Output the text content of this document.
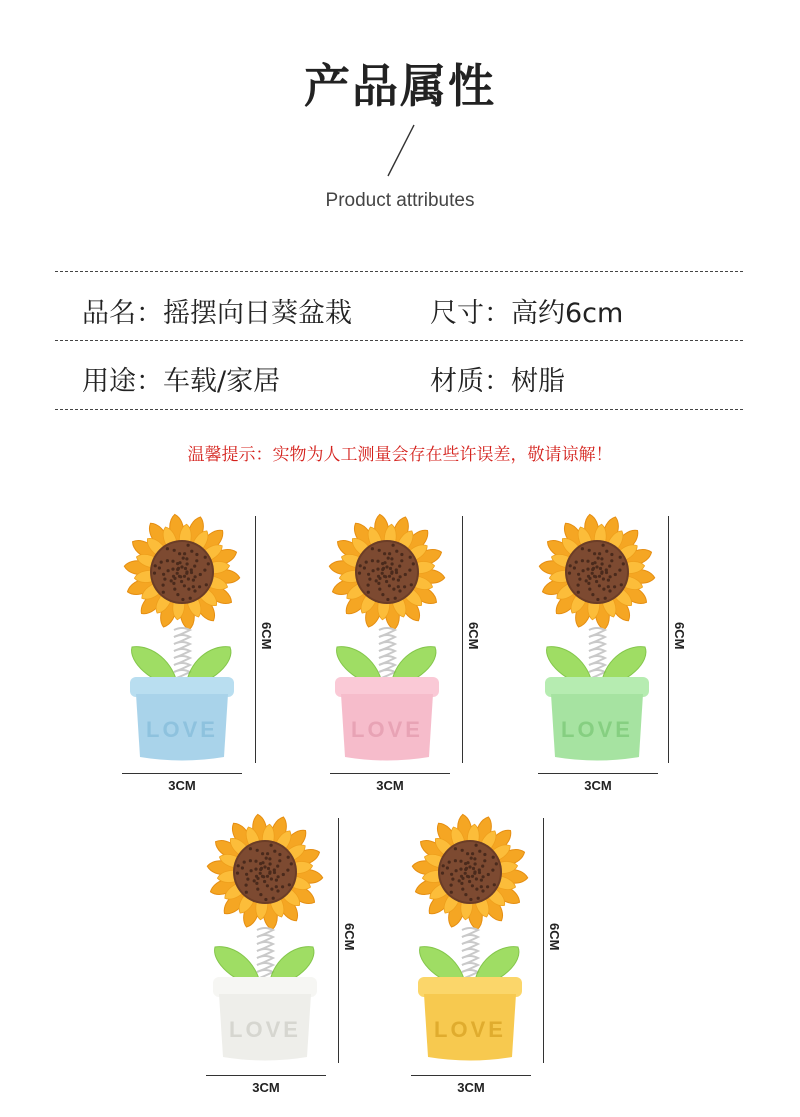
产品属性
Product attributes
品名：摇摆向日葵盆栽	尺寸：高约6cm
用途：车载/家居	材质：树脂
温馨提示：实物为人工测量会存在些许误差，敬请谅解！
LOVE
6CM
3CM
LOVE
6CM
3CM
LOVE
6CM
3CM
LOVE
6CM
3CM
LOVE
6CM
3CM
